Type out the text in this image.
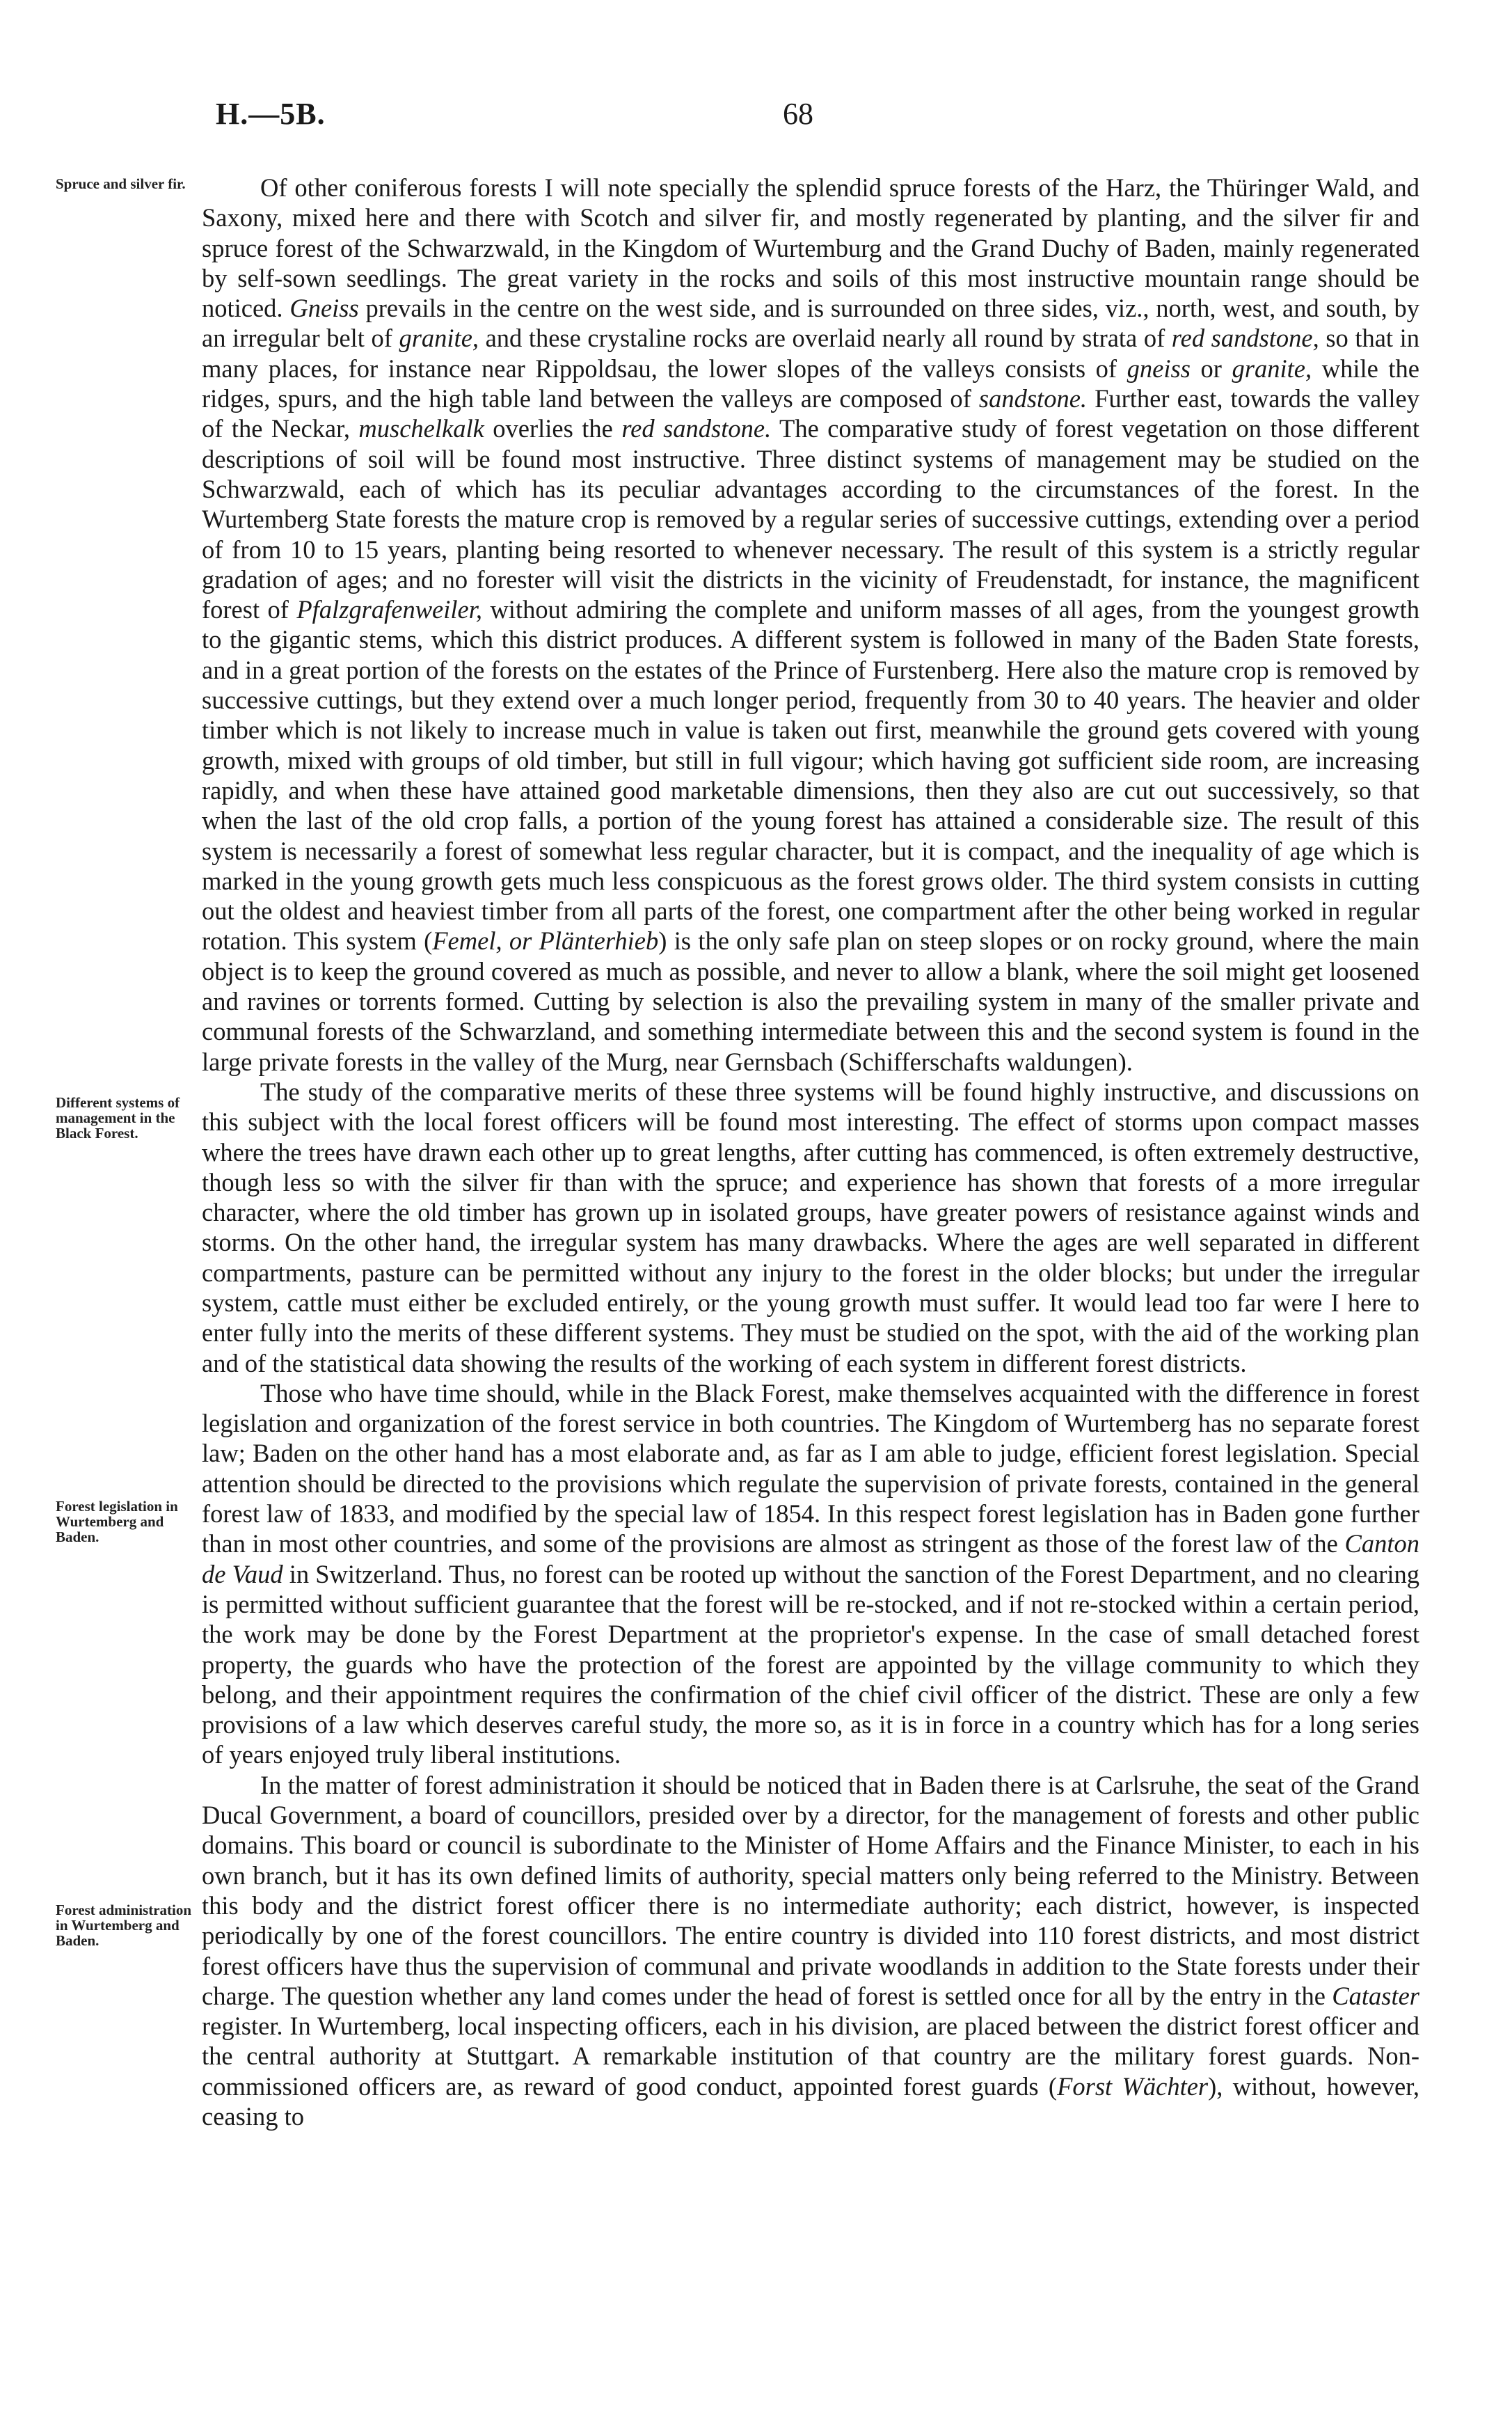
H.—5B.	68
Spruce and silver fir.
Different systems of management in the Black Forest.
Forest legislation in Wurtemberg and Baden.
Forest administration in Wurtemberg and Baden.

Of other coniferous forests I will note specially the splendid spruce forests of the Harz, the Thüringer Wald, and Saxony, mixed here and there with Scotch and silver fir, and mostly regenerated by planting, and the silver fir and spruce forest of the Schwarzwald, in the Kingdom of Wurtemburg and the Grand Duchy of Baden, mainly regenerated by self-sown seedlings. The great variety in the rocks and soils of this most instructive mountain range should be noticed. Gneiss prevails in the centre on the west side, and is surrounded on three sides, viz., north, west, and south, by an irregular belt of granite, and these crystaline rocks are overlaid nearly all round by strata of red sandstone, so that in many places, for instance near Rippoldsau, the lower slopes of the valleys consists of gneiss or granite, while the ridges, spurs, and the high table land between the valleys are composed of sandstone. Further east, towards the valley of the Neckar, muschelkalk overlies the red sandstone. The comparative study of forest vegetation on those different descriptions of soil will be found most instructive. Three distinct systems of management may be studied on the Schwarzwald, each of which has its peculiar advantages according to the circumstances of the forest. In the Wurtemberg State forests the mature crop is removed by a regular series of successive cuttings, extending over a period of from 10 to 15 years, planting being resorted to whenever necessary. The result of this system is a strictly regular gradation of ages; and no forester will visit the districts in the vicinity of Freudenstadt, for instance, the magnificent forest of Pfalzgrafenweiler, without admiring the complete and uniform masses of all ages, from the youngest growth to the gigantic stems, which this district produces. A different system is followed in many of the Baden State forests, and in a great portion of the forests on the estates of the Prince of Furstenberg. Here also the mature crop is removed by successive cuttings, but they extend over a much longer period, frequently from 30 to 40 years. The heavier and older timber which is not likely to increase much in value is taken out first, meanwhile the ground gets covered with young growth, mixed with groups of old timber, but still in full vigour; which having got sufficient side room, are increasing rapidly, and when these have attained good marketable dimensions, then they also are cut out successively, so that when the last of the old crop falls, a portion of the young forest has attained a considerable size. The result of this system is necessarily a forest of somewhat less regular character, but it is compact, and the inequality of age which is marked in the young growth gets much less conspicuous as the forest grows older. The third system consists in cutting out the oldest and heaviest timber from all parts of the forest, one compartment after the other being worked in regular rotation. This system (Femel, or Plänterhieb) is the only safe plan on steep slopes or on rocky ground, where the main object is to keep the ground covered as much as possible, and never to allow a blank, where the soil might get loosened and ravines or torrents formed. Cutting by selection is also the prevailing system in many of the smaller private and communal forests of the Schwarzland, and something intermediate between this and the second system is found in the large private forests in the valley of the Murg, near Gernsbach (Schifferschafts waldungen).

The study of the comparative merits of these three systems will be found highly instructive, and discussions on this subject with the local forest officers will be found most interesting. The effect of storms upon compact masses where the trees have drawn each other up to great lengths, after cutting has commenced, is often extremely destructive, though less so with the silver fir than with the spruce; and experience has shown that forests of a more irregular character, where the old timber has grown up in isolated groups, have greater powers of resistance against winds and storms. On the other hand, the irregular system has many drawbacks. Where the ages are well separated in different compartments, pasture can be permitted without any injury to the forest in the older blocks; but under the irregular system, cattle must either be excluded entirely, or the young growth must suffer. It would lead too far were I here to enter fully into the merits of these different systems. They must be studied on the spot, with the aid of the working plan and of the statistical data showing the results of the working of each system in different forest districts.

Those who have time should, while in the Black Forest, make themselves acquainted with the difference in forest legislation and organization of the forest service in both countries. The Kingdom of Wurtemberg has no separate forest law; Baden on the other hand has a most elaborate and, as far as I am able to judge, efficient forest legislation. Special attention should be directed to the provisions which regulate the supervision of private forests, contained in the general forest law of 1833, and modified by the special law of 1854. In this respect forest legislation has in Baden gone further than in most other countries, and some of the provisions are almost as stringent as those of the forest law of the Canton de Vaud in Switzerland. Thus, no forest can be rooted up without the sanction of the Forest Department, and no clearing is permitted without sufficient guarantee that the forest will be re-stocked, and if not re-stocked within a certain period, the work may be done by the Forest Department at the proprietor's expense. In the case of small detached forest property, the guards who have the protection of the forest are appointed by the village community to which they belong, and their appointment requires the confirmation of the chief civil officer of the district. These are only a few provisions of a law which deserves careful study, the more so, as it is in force in a country which has for a long series of years enjoyed truly liberal institutions.

In the matter of forest administration it should be noticed that in Baden there is at Carlsruhe, the seat of the Grand Ducal Government, a board of councillors, presided over by a director, for the management of forests and other public domains. This board or council is subordinate to the Minister of Home Affairs and the Finance Minister, to each in his own branch, but it has its own defined limits of authority, special matters only being referred to the Ministry. Between this body and the district forest officer there is no intermediate authority; each district, however, is inspected periodically by one of the forest councillors. The entire country is divided into 110 forest districts, and most district forest officers have thus the supervision of communal and private woodlands in addition to the State forests under their charge. The question whether any land comes under the head of forest is settled once for all by the entry in the Cataster register. In Wurtemberg, local inspecting officers, each in his division, are placed between the district forest officer and the central authority at Stuttgart. A remarkable institution of that country are the military forest guards. Non-commissioned officers are, as reward of good conduct, appointed forest guards (Forst Wächter), without, however, ceasing to
